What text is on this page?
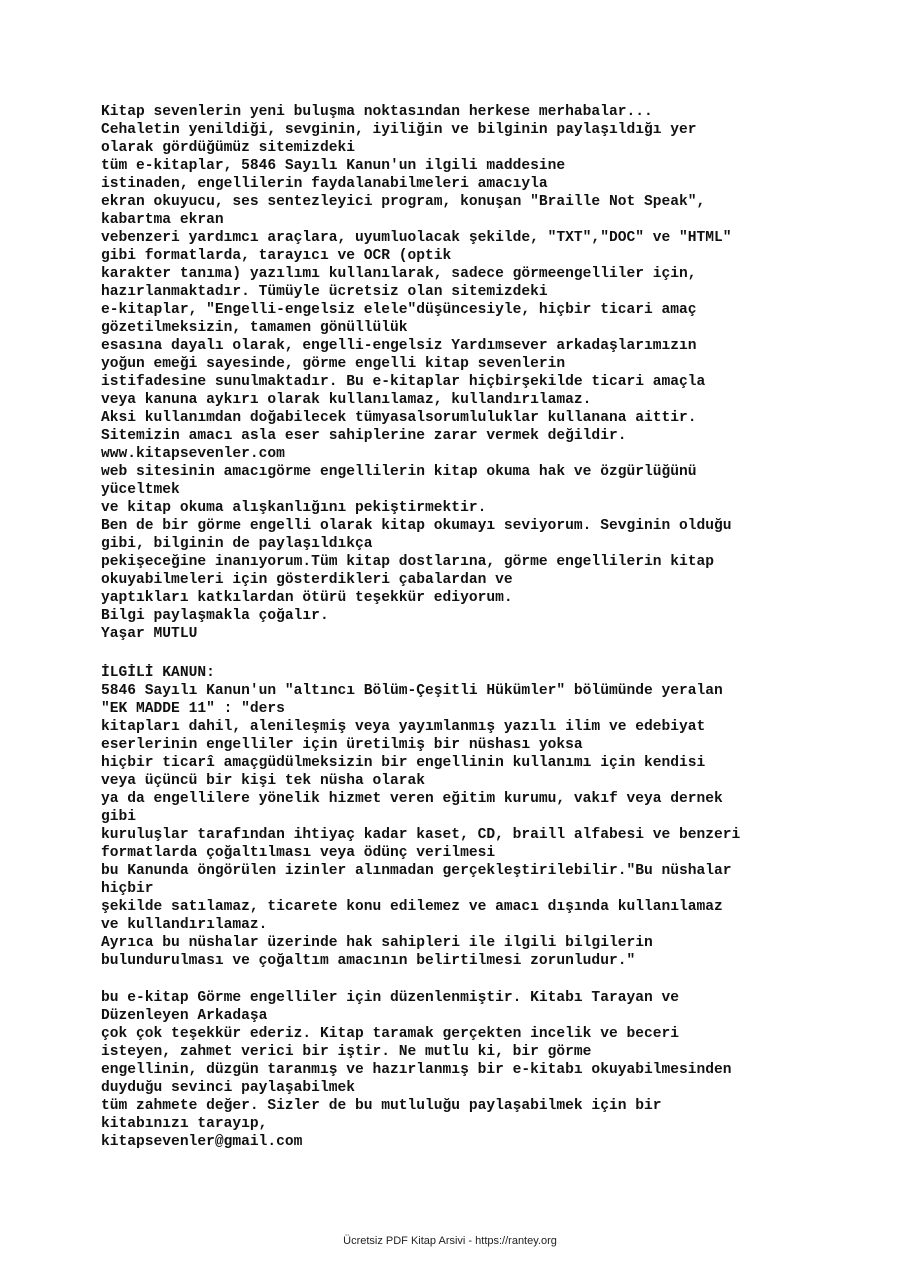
Kitap sevenlerin yeni buluşma noktasından herkese merhabalar...
Cehaletin yenildiği, sevginin, iyiliğin ve bilginin paylaşıldığı yer
olarak gördüğümüz sitemizdeki
tüm e-kitaplar, 5846 Sayılı Kanun'un ilgili maddesine
istinaden, engellilerin faydalanabilmeleri amacıyla
ekran okuyucu, ses sentezleyici program, konuşan "Braille Not Speak",
kabartma ekran
vebenzeri yardımcı araçlara, uyumluolacak şekilde, "TXT","DOC" ve "HTML"
gibi formatlarda, tarayıcı ve OCR (optik
karakter tanıma) yazılımı kullanılarak, sadece görmeengelliler için,
hazırlanmaktadır. Tümüyle ücretsiz olan sitemizdeki
e-kitaplar, "Engelli-engelsiz elele"düşüncesiyle, hiçbir ticari amaç
gözetilmeksizin, tamamen gönüllülük
esasına dayalı olarak, engelli-engelsiz Yardımsever arkadaşlarımızın
yoğun emeği sayesinde, görme engelli kitap sevenlerin
istifadesine sunulmaktadır. Bu e-kitaplar hiçbirşekilde ticari amaçla
veya kanuna aykırı olarak kullanılamaz, kullandırılamaz.
Aksi kullanımdan doğabilecek tümyasalsorumluluklar kullanana aittir.
Sitemizin amacı asla eser sahiplerine zarar vermek değildir.
www.kitapsevenler.com
web sitesinin amacıgörme engellilerin kitap okuma hak ve özgürlüğünü
yüceltmek
ve kitap okuma alışkanlığını pekiştirmektir.
Ben de bir görme engelli olarak kitap okumayı seviyorum. Sevginin olduğu
gibi, bilginin de paylaşıldıkça
pekişeceğine inanıyorum.Tüm kitap dostlarına, görme engellilerin kitap
okuyabilmeleri için gösterdikleri çabalardan ve
yaptıkları katkılardan ötürü teşekkür ediyorum.
Bilgi paylaşmakla çoğalır.
Yaşar MUTLU
İLGİLİ KANUN:
5846 Sayılı Kanun'un "altıncı Bölüm-Çeşitli Hükümler" bölümünde yeralan
"EK MADDE 11" : "ders
kitapları dahil, alenileşmiş veya yayımlanmış yazılı ilim ve edebiyat
eserlerinin engelliler için üretilmiş bir nüshası yoksa
hiçbir ticarî amaçgüdülmeksizin bir engellinin kullanımı için kendisi
veya üçüncü bir kişi tek nüsha olarak
ya da engellilere yönelik hizmet veren eğitim kurumu, vakıf veya dernek
gibi
kuruluşlar tarafından ihtiyaç kadar kaset, CD, braill alfabesi ve benzeri
formatlarda çoğaltılması veya ödünç verilmesi
bu Kanunda öngörülen izinler alınmadan gerçekleştirilebilir."Bu nüshalar
hiçbir
şekilde satılamaz, ticarete konu edilemez ve amacı dışında kullanılamaz
ve kullandırılamaz.
Ayrıca bu nüshalar üzerinde hak sahipleri ile ilgili bilgilerin
bulundurulması ve çoğaltım amacının belirtilmesi zorunludur."
bu e-kitap Görme engelliler için düzenlenmiştir. Kitabı Tarayan ve
Düzenleyen Arkadaşa
çok çok teşekkür ederiz. Kitap taramak gerçekten incelik ve beceri
isteyen, zahmet verici bir iştir. Ne mutlu ki, bir görme
engellinin, düzgün taranmış ve hazırlanmış bir e-kitabı okuyabilmesinden
duyduğu sevinci paylaşabilmek
tüm zahmete değer. Sizler de bu mutluluğu paylaşabilmek için bir
kitabınızı tarayıp,
kitapsevenler@gmail.com
Ücretsiz PDF Kitap Arsivi - https://rantey.org
